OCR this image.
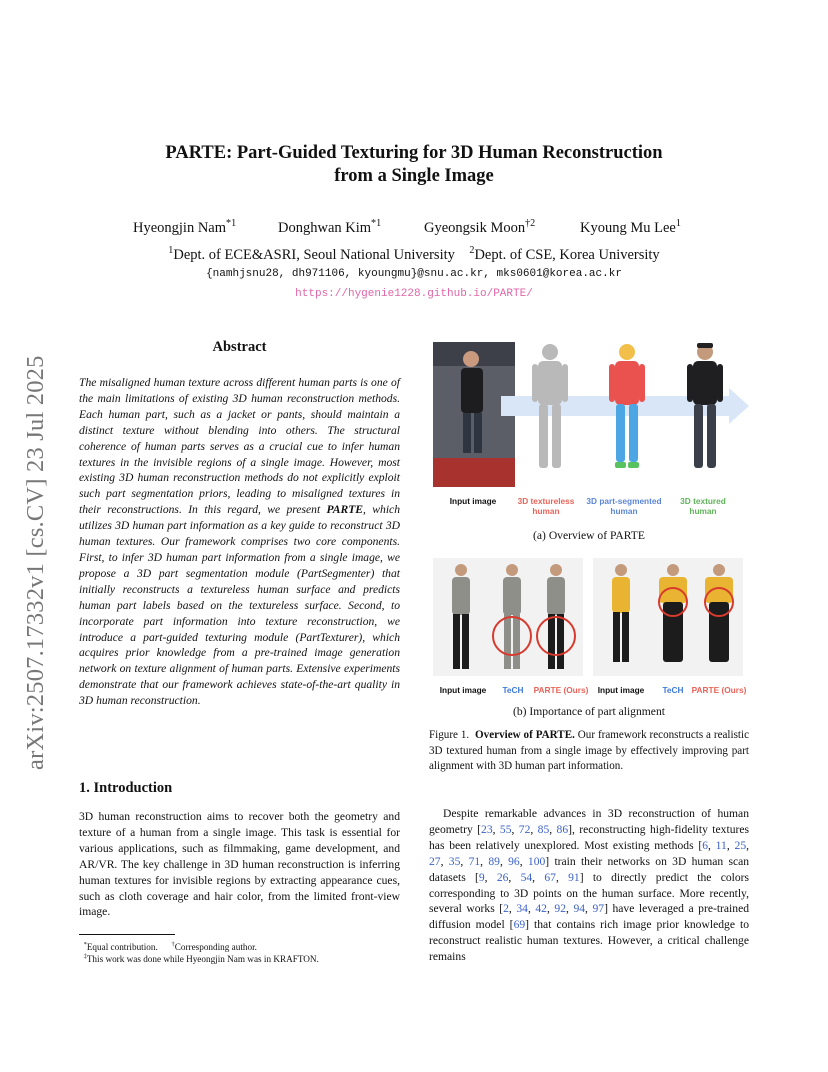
PARTE: Part-Guided Texturing for 3D Human Reconstruction
from a Single Image
Hyeongjin Nam$^{*1}$	Donghwan Kim$^{*1}$	Gyeongsik Moon$^{\dagger 2}$	Kyoung Mu Lee$^1$
$^1$Dept. of ECE&ASRI, Seoul National University $^2$Dept. of CSE, Korea University
{namhjsnu28, dh971106, kyoungmu}@snu.ac.kr, mks0601@korea.ac.kr
https://hygenie1228.github.io/PARTE/
arXiv:2507.17332v1 [cs.CV] 23 Jul 2025
Abstract
The misaligned human texture across different human parts is one of the main limitations of existing 3D human reconstruction methods. Each human part, such as a jacket or pants, should maintain a distinct texture without blending into others. The structural coherence of human parts serves as a crucial cue to infer human textures in the invisible regions of a single image. However, most existing 3D human reconstruction methods do not explicitly exploit such part segmentation priors, leading to misaligned textures in their reconstructions. In this regard, we present PARTE, which utilizes 3D human part information as a key guide to reconstruct 3D human textures. Our framework comprises two core components. First, to infer 3D human part information from a single image, we propose a 3D part segmentation module (PartSegmenter) that initially reconstructs a textureless human surface and predicts human part labels based on the textureless surface. Second, to incorporate part information into texture reconstruction, we introduce a part-guided texturing module (PartTexturer), which acquires prior knowledge from a pre-trained image generation network on texture alignment of human parts. Extensive experiments demonstrate that our framework achieves state-of-the-art quality in 3D human reconstruction.
1. Introduction
3D human reconstruction aims to recover both the geometry and texture of a human from a single image. This task is essential for various applications, such as filmmaking, game development, and AR/VR. The key challenge in 3D human reconstruction is inferring human textures for invisible regions by extracting appearance cues, such as cloth coverage and hair color, from the limited front-view image.
*Equal contribution. †Corresponding author.
‡This work was done while Hyeongjin Nam was in KRAFTON.
Input image	3D textureless human
3D part-segmented human
3D textured human
(a) Overview of PARTE
Input image	TeCH	PARTE (Ours)	Input image	TeCH PARTE (Ours)
(b) Importance of part alignment
Figure 1. Overview of PARTE. Our framework reconstructs a realistic 3D textured human from a single image by effectively improving part alignment with 3D human part information.
Despite remarkable advances in 3D reconstruction of human geometry [23, 55, 72, 85, 86], reconstructing high-fidelity textures has been relatively unexplored. Most existing methods [6, 11, 25, 27, 35, 71, 89, 96, 100] train their networks on 3D human scan datasets [9, 26, 54, 67, 91] to directly predict the colors corresponding to 3D points on the human surface. More recently, several works [2, 34, 42, 92, 94, 97] have leveraged a pre-trained diffusion model [69] that contains rich image prior knowledge to reconstruct realistic human textures. However, a critical challenge remains
